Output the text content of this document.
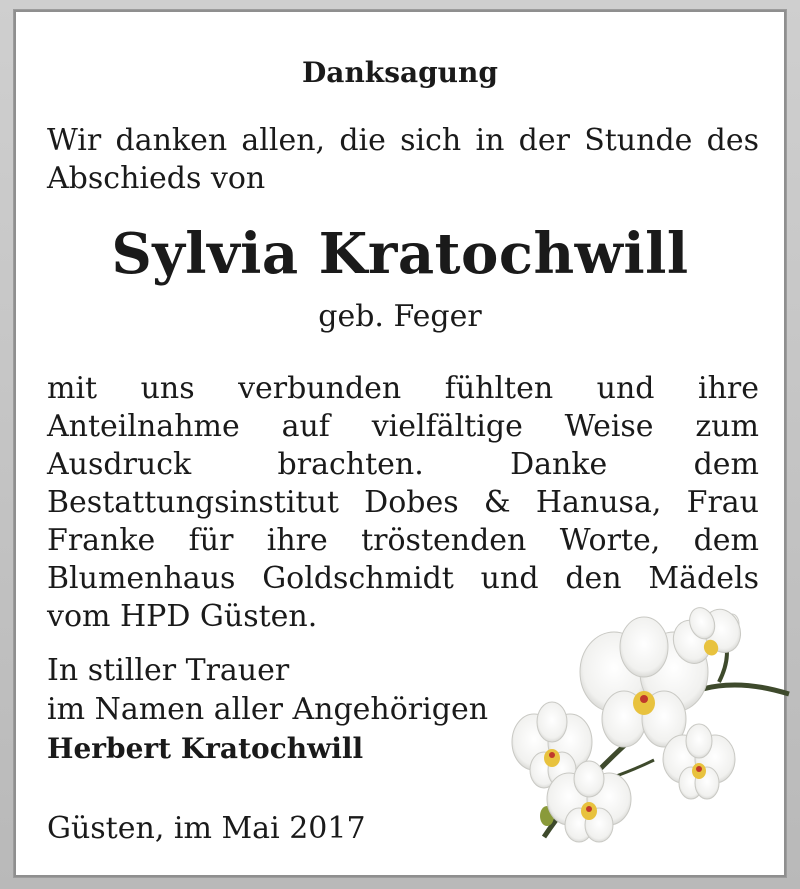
Danksagung
Wir danken allen, die sich in der Stunde des Abschieds von
Sylvia Kratochwill
geb. Feger
mit uns verbunden fühlten und ihre Anteilnahme auf vielfältige Weise zum Ausdruck brachten. Danke dem Bestattungsinstitut Dobes & Hanusa, Frau Franke für ihre tröstenden Worte, dem Blumenhaus Goldschmidt und den Mädels vom HPD Güsten.
In stiller Trauer
im Namen aller Angehörigen
Herbert Kratochwill
Güsten, im Mai 2017
